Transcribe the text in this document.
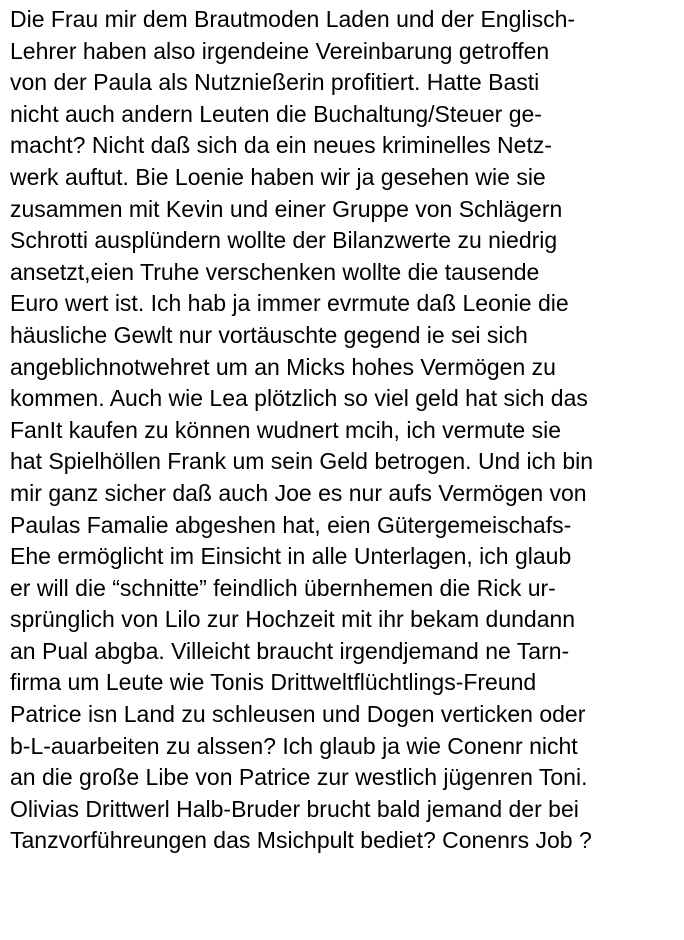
Die Frau mir dem Brautmoden Laden und der Englisch-
Lehrer haben also irgendeine Vereinbarung getroffen
von der Paula als Nutznießerin profitiert. Hatte Basti
nicht auch andern Leuten die Buchaltung/Steuer ge-
macht? Nicht daß sich da ein neues kriminelles Netz-
werk auftut. Bie Loenie haben wir ja gesehen wie sie
zusammen mit Kevin und einer Gruppe von Schlägern
Schrotti ausplündern wollte der Bilanzwerte zu niedrig
ansetzt,eien Truhe verschenken wollte die tausende
Euro wert ist. Ich hab ja immer evrmute daß Leonie die
häusliche Gewlt nur vortäuschte gegend ie sei sich
angeblichnotwehret um an Micks hohes Vermögen zu
kommen. Auch wie Lea plötzlich so viel geld hat sich das
FanIt kaufen zu können wudnert mcih, ich vermute sie
hat Spielhöllen Frank um sein Geld betrogen. Und ich bin
mir ganz sicher daß auch Joe es nur aufs Vermögen von
Paulas Famalie abgeshen hat, eien Gütergemeischafs-
Ehe ermöglicht im Einsicht in alle Unterlagen, ich glaub
er will die “schnitte” feindlich übernhemen die Rick ur-
sprünglich von Lilo zur Hochzeit mit ihr bekam dundann
an Pual abgba. Villeicht braucht irgendjemand ne Tarn-
firma um Leute wie Tonis Drittweltflüchtlings-Freund
Patrice isn Land zu schleusen und Dogen verticken oder
b-L-auarbeiten zu alssen? Ich glaub ja wie Conenr nicht
an die große Libe von Patrice zur westlich jügenren Toni.
Olivias Drittwerl Halb-Bruder brucht bald jemand der bei
Tanzvorführeungen das Msichpult bediet? Conenrs Job ?
